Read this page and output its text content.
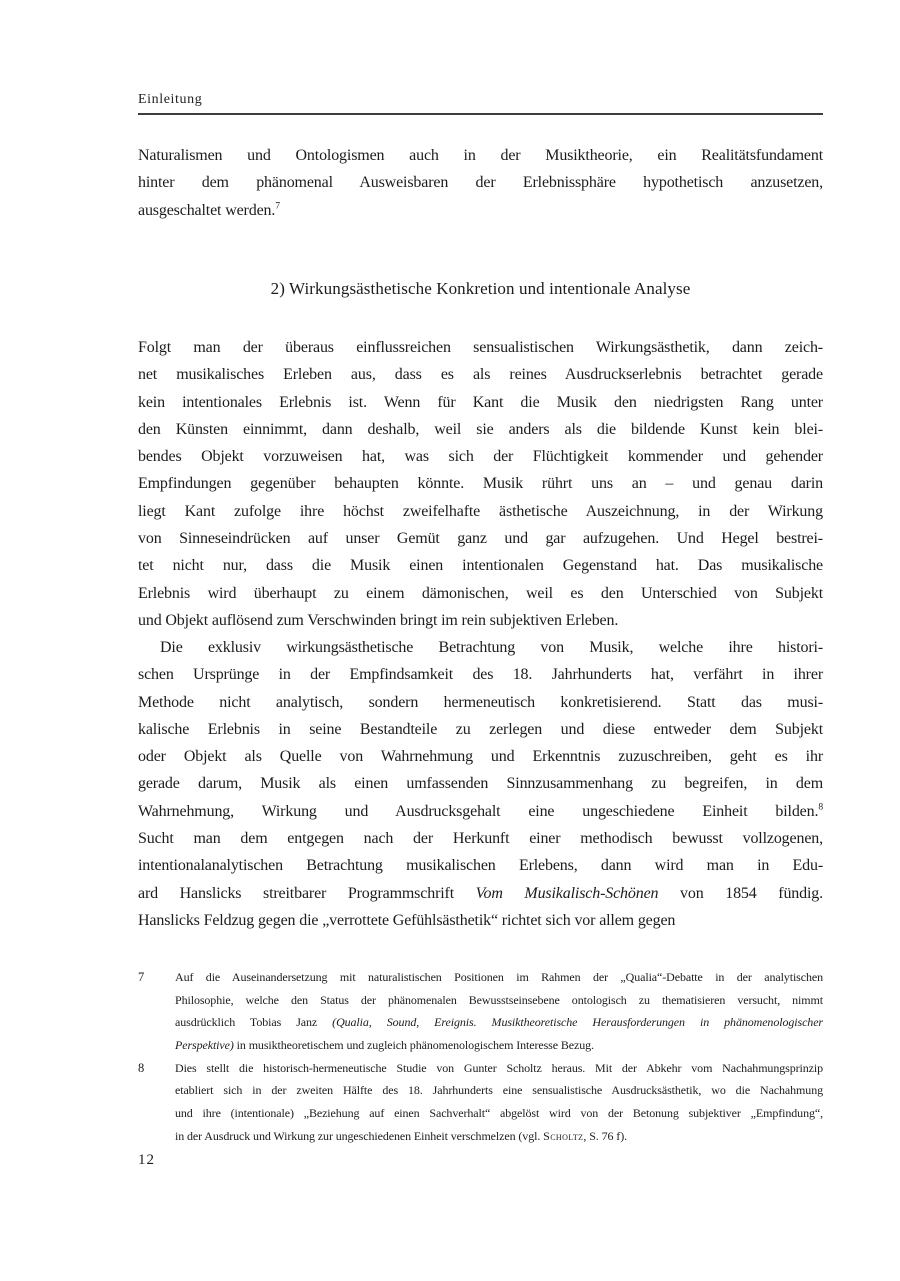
Einleitung
Naturalismen und Ontologismen auch in der Musiktheorie, ein Realitätsfundament
hinter dem phänomenal Ausweisbaren der Erlebnissphäre hypothetisch anzusetzen,
ausgeschaltet werden.$^7$
2) Wirkungsästhetische Konkretion und intentionale Analyse
Folgt man der überaus einflussreichen sensualistischen Wirkungsästhetik, dann zeich-
net musikalisches Erleben aus, dass es als reines Ausdruckserlebnis betrachtet gerade
kein intentionales Erlebnis ist. Wenn für Kant die Musik den niedrigsten Rang unter
den Künsten einnimmt, dann deshalb, weil sie anders als die bildende Kunst kein blei-
bendes Objekt vorzuweisen hat, was sich der Flüchtigkeit kommender und gehender
Empfindungen gegenüber behaupten könnte. Musik rührt uns an – und genau darin
liegt Kant zufolge ihre höchst zweifelhafte ästhetische Auszeichnung, in der Wirkung
von Sinneseindrücken auf unser Gemüt ganz und gar aufzugehen. Und Hegel bestrei-
tet nicht nur, dass die Musik einen intentionalen Gegenstand hat. Das musikalische
Erlebnis wird überhaupt zu einem dämonischen, weil es den Unterschied von Subjekt
und Objekt auflösend zum Verschwinden bringt im rein subjektiven Erleben.
Die exklusiv wirkungsästhetische Betrachtung von Musik, welche ihre histori-
schen Ursprünge in der Empfindsamkeit des 18. Jahrhunderts hat, verfährt in ihrer
Methode nicht analytisch, sondern hermeneutisch konkretisierend. Statt das musi-
kalische Erlebnis in seine Bestandteile zu zerlegen und diese entweder dem Subjekt
oder Objekt als Quelle von Wahrnehmung und Erkenntnis zuzuschreiben, geht es ihr
gerade darum, Musik als einen umfassenden Sinnzusammenhang zu begreifen, in dem
Wahrnehmung, Wirkung und Ausdrucksgehalt eine ungeschiedene Einheit bilden.$^8$
Sucht man dem entgegen nach der Herkunft einer methodisch bewusst vollzogenen,
intentionalanalytischen Betrachtung musikalischen Erlebens, dann wird man in Edu-
ard Hanslicks streitbarer Programmschrift Vom Musikalisch-Schönen von 1854 fündig.
Hanslicks Feldzug gegen die „verrottete Gefühlsästhetik“ richtet sich vor allem gegen
7	Auf die Auseinandersetzung mit naturalistischen Positionen im Rahmen der „Qualia“-Debatte in der analytischen
Philosophie, welche den Status der phänomenalen Bewusstseinsebene ontologisch zu thematisieren versucht, nimmt
ausdrücklich Tobias Janz (Qualia, Sound, Ereignis. Musiktheoretische Herausforderungen in phänomenologischer
Perspektive) in musiktheoretischem und zugleich phänomenologischem Interesse Bezug.
8	Dies stellt die historisch-hermeneutische Studie von Gunter Scholtz heraus. Mit der Abkehr vom Nachahmungsprinzip
etabliert sich in der zweiten Hälfte des 18. Jahrhunderts eine sensualistische Ausdrucksästhetik, wo die Nachahmung
und ihre (intentionale) „Beziehung auf einen Sachverhalt“ abgelöst wird von der Betonung subjektiver „Empfindung“,
in der Ausdruck und Wirkung zur ungeschiedenen Einheit verschmelzen (vgl. Scholtz, S. 76 f).
12
